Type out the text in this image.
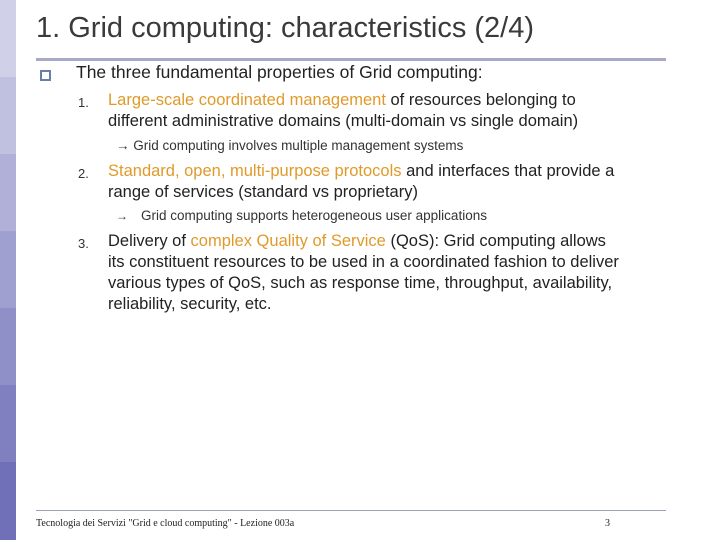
1. Grid computing: characteristics (2/4)
The three fundamental properties of Grid computing:
1. Large-scale coordinated management of resources belonging to
different administrative domains (multi-domain vs single domain)
→ Grid computing involves multiple management systems
2. Standard, open, multi-purpose protocols and interfaces that provide a
range of services (standard vs proprietary)
→ Grid computing supports heterogeneous user applications
3. Delivery of complex Quality of Service (QoS): Grid computing allows
its constituent resources to be used in a coordinated fashion to deliver
various types of QoS, such as response time, throughput, availability,
reliability, security, etc.
Tecnologia dei Servizi "Grid e cloud computing" - Lezione 003a	3
